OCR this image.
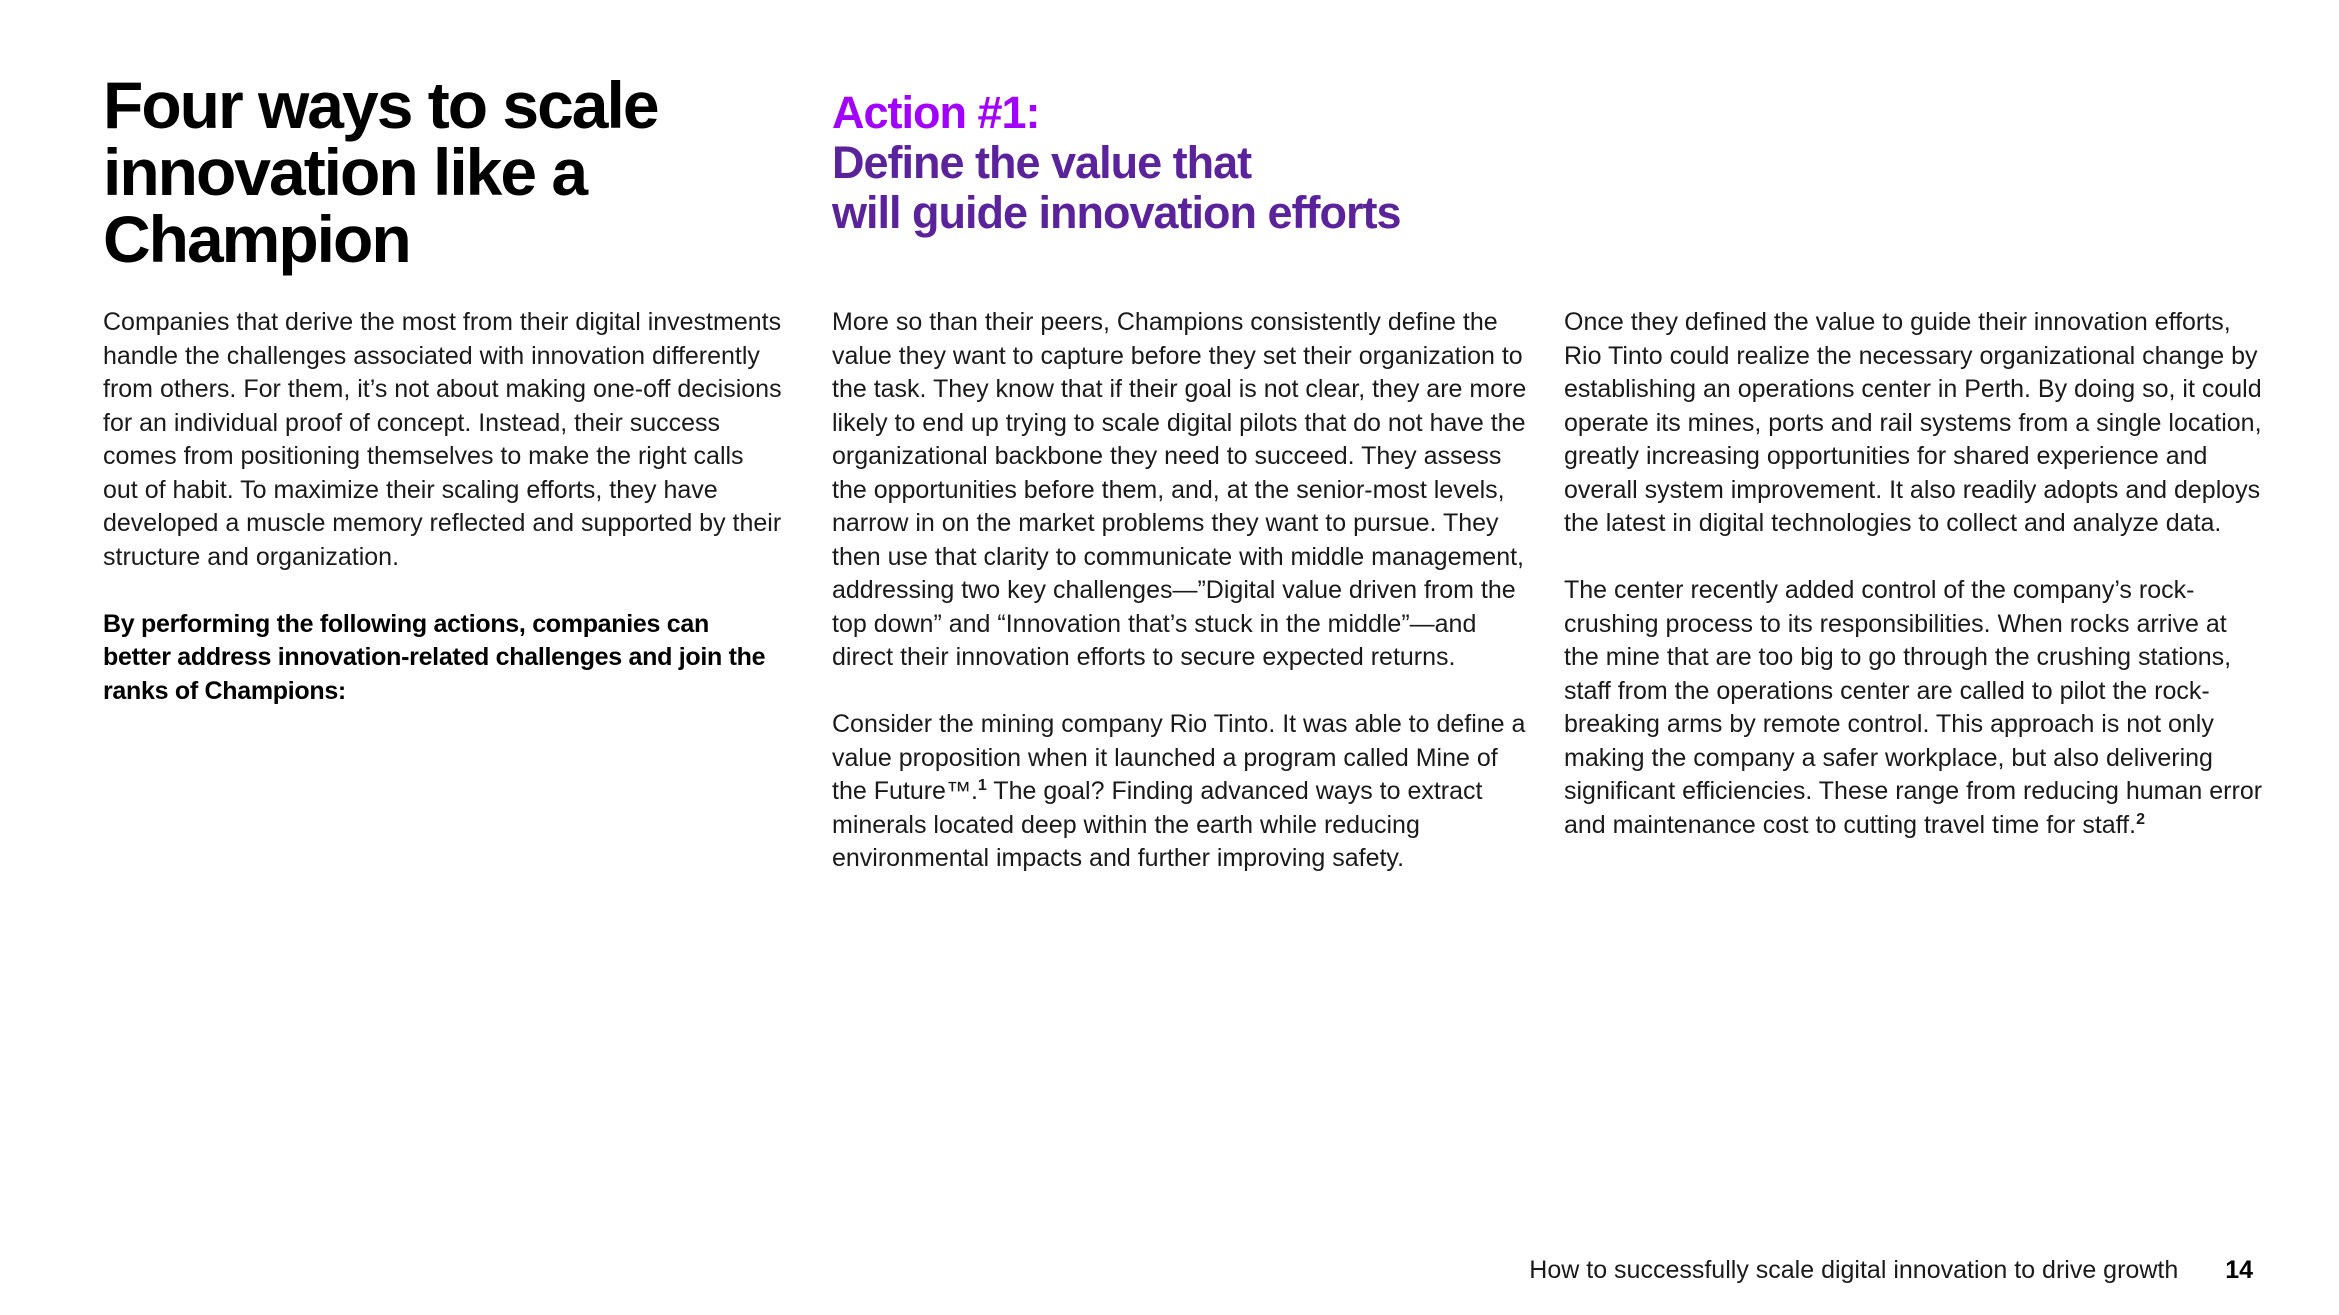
Four ways to scale innovation like a Champion
Action #1:
Define the value that
will guide innovation efforts

Companies that derive the most from their digital investments handle the challenges associated with innovation differently from others. For them, it’s not about making one-off decisions for an individual proof of concept. Instead, their success comes from positioning themselves to make the right calls out of habit. To maximize their scaling efforts, they have developed a muscle memory reflected and supported by their structure and organization.

By performing the following actions, companies can better address innovation-related challenges and join the ranks of Champions:

More so than their peers, Champions consistently define the value they want to capture before they set their organization to the task. They know that if their goal is not clear, they are more likely to end up trying to scale digital pilots that do not have the organizational backbone they need to succeed. They assess the opportunities before them, and, at the senior-most levels, narrow in on the market problems they want to pursue. They then use that clarity to communicate with middle management, addressing two key challenges—”Digital value driven from the top down” and “Innovation that’s stuck in the middle”—and direct their innovation efforts to secure expected returns.

Consider the mining company Rio Tinto. It was able to define a value proposition when it launched a program called Mine of the Future™.$^1$ The goal? Finding advanced ways to extract minerals located deep within the earth while reducing environmental impacts and further improving safety.

Once they defined the value to guide their innovation efforts, Rio Tinto could realize the necessary organizational change by establishing an operations center in Perth. By doing so, it could operate its mines, ports and rail systems from a single location, greatly increasing opportunities for shared experience and overall system improvement. It also readily adopts and deploys the latest in digital technologies to collect and analyze data.

The center recently added control of the company’s rock-crushing process to its responsibilities. When rocks arrive at the mine that are too big to go through the crushing stations, staff from the operations center are called to pilot the rock-breaking arms by remote control. This approach is not only making the company a safer workplace, but also delivering significant efficiencies. These range from reducing human error and maintenance cost to cutting travel time for staff.$^2$

How to successfully scale digital innovation to drive growth 14
